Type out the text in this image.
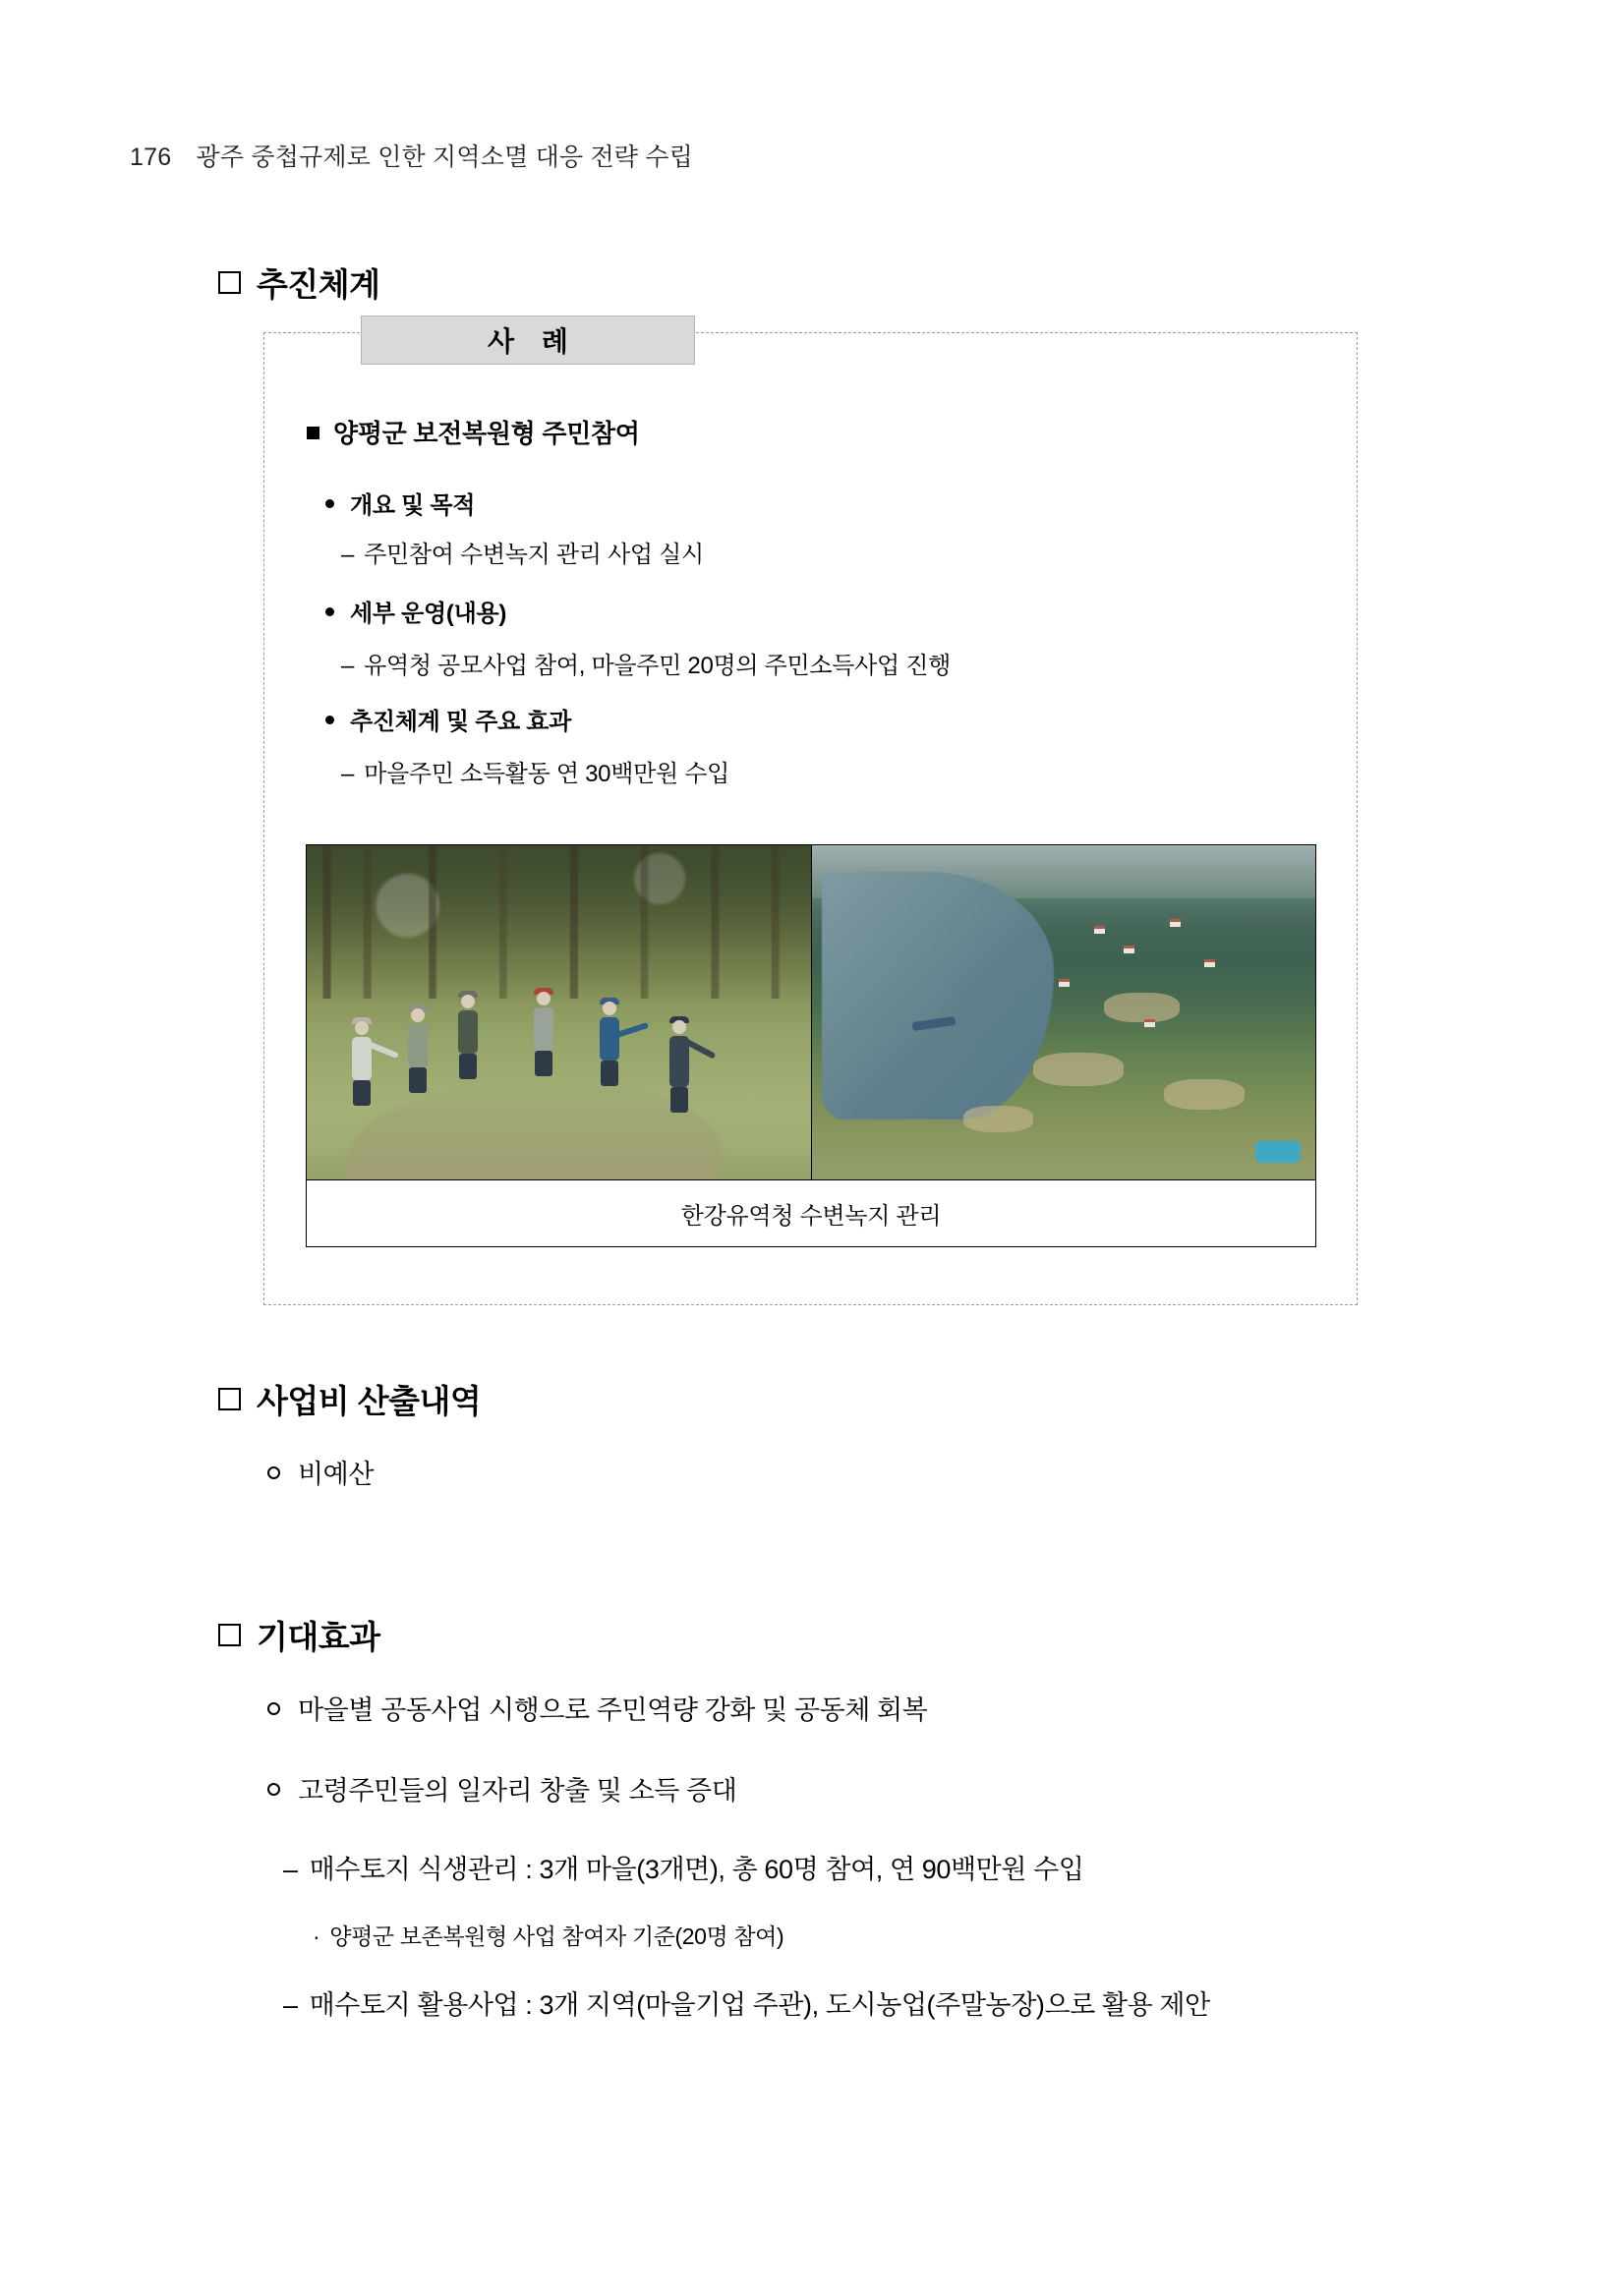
176 광주 중첩규제로 인한 지역소멸 대응 전략 수립
추진체계
사 례
양평군 보전복원형 주민참여
개요 및 목적
– 주민참여 수변녹지 관리 사업 실시
세부 운영(내용)
– 유역청 공모사업 참여, 마을주민 20명의 주민소득사업 진행
추진체계 및 주요 효과
– 마을주민 소득활동 연 30백만원 수입
한강유역청 수변녹지 관리
사업비 산출내역
비예산
기대효과
마을별 공동사업 시행으로 주민역량 강화 및 공동체 회복
고령주민들의 일자리 창출 및 소득 증대
– 매수토지 식생관리 : 3개 마을(3개면), 총 60명 참여, 연 90백만원 수입
· 양평군 보존복원형 사업 참여자 기준(20명 참여)
– 매수토지 활용사업 : 3개 지역(마을기업 주관), 도시농업(주말농장)으로 활용 제안
